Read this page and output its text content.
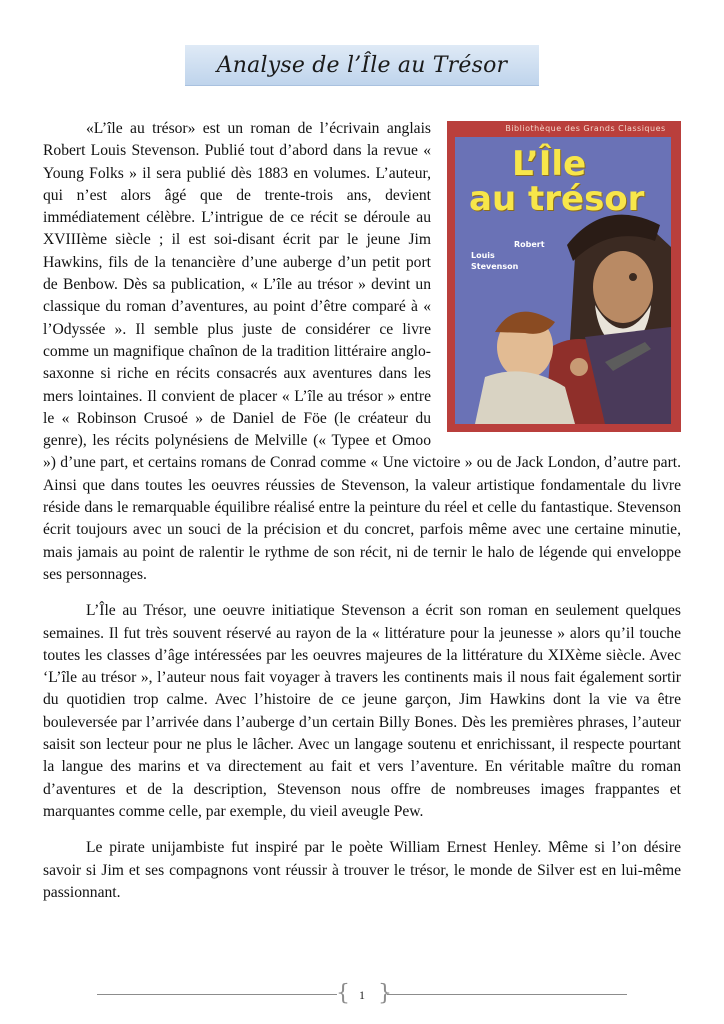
Analyse de l’Île au Trésor

Bibliothèque des Grands Classiques
L’Île
au trésor
Robert Louis
Stevenson
«L’île au trésor» est un roman de l’écrivain anglais Robert Louis Stevenson. Publié tout d’abord dans la revue « Young Folks » il sera publié dès 1883 en volumes. L’auteur, qui n’est alors âgé que de trente-trois ans, devient immédiatement célèbre. L’intrigue de ce récit se déroule au XVIIIème siècle ; il est soi-disant écrit par le jeune Jim Hawkins, fils de la tenancière d’une auberge d’un petit port de Benbow. Dès sa publication, « L’île au trésor » devint un classique du roman d’aventures, au point d’être comparé à « l’Odyssée ». Il semble plus juste de considérer ce livre comme un magnifique chaînon de la tradition littéraire anglo-saxonne si riche en récits consacrés aux aventures dans les mers lointaines. Il convient de placer « L’île au trésor » entre le « Robinson Crusoé » de Daniel de Föe (le créateur du genre), les récits polynésiens de Melville (« Typee et Omoo ») d’une part, et certains romans de Conrad comme « Une victoire » ou de Jack London, d’autre part. Ainsi que dans toutes les oeuvres réussies de Stevenson, la valeur artistique fondamentale du livre réside dans le remarquable équilibre réalisé entre la peinture du réel et celle du fantastique. Stevenson écrit toujours avec un souci de la précision et du concret, parfois même avec une certaine minutie, mais jamais au point de ralentir le rythme de son récit, ni de ternir le halo de légende qui enveloppe ses personnages.

L’Île au Trésor, une oeuvre initiatique Stevenson a écrit son roman en seulement quelques semaines. Il fut très souvent réservé au rayon de la « littérature pour la jeunesse » alors qu’il touche toutes les classes d’âge intéressées par les oeuvres majeures de la littérature du XIXème siècle. Avec ‘L’île au trésor », l’auteur nous fait voyager à travers les continents mais il nous fait également sortir du quotidien trop calme. Avec l’histoire de ce jeune garçon, Jim Hawkins dont la vie va être bouleversée par l’arrivée dans l’auberge d’un certain Billy Bones. Dès les premières phrases, l’auteur saisit son lecteur pour ne plus le lâcher. Avec un langage soutenu et enrichissant, il respecte pourtant la langue des marins et va directement au fait et vers l’aventure. En véritable maître du roman d’aventures et de la description, Stevenson nous offre de nombreuses images frappantes et marquantes comme celle, par exemple, du vieil aveugle Pew.

Le pirate unijambiste fut inspiré par le poète William Ernest Henley. Même si l’on désire savoir si Jim et ses compagnons vont réussir à trouver le trésor, le monde de Silver est en lui-même passionnant.

{ 1 }
